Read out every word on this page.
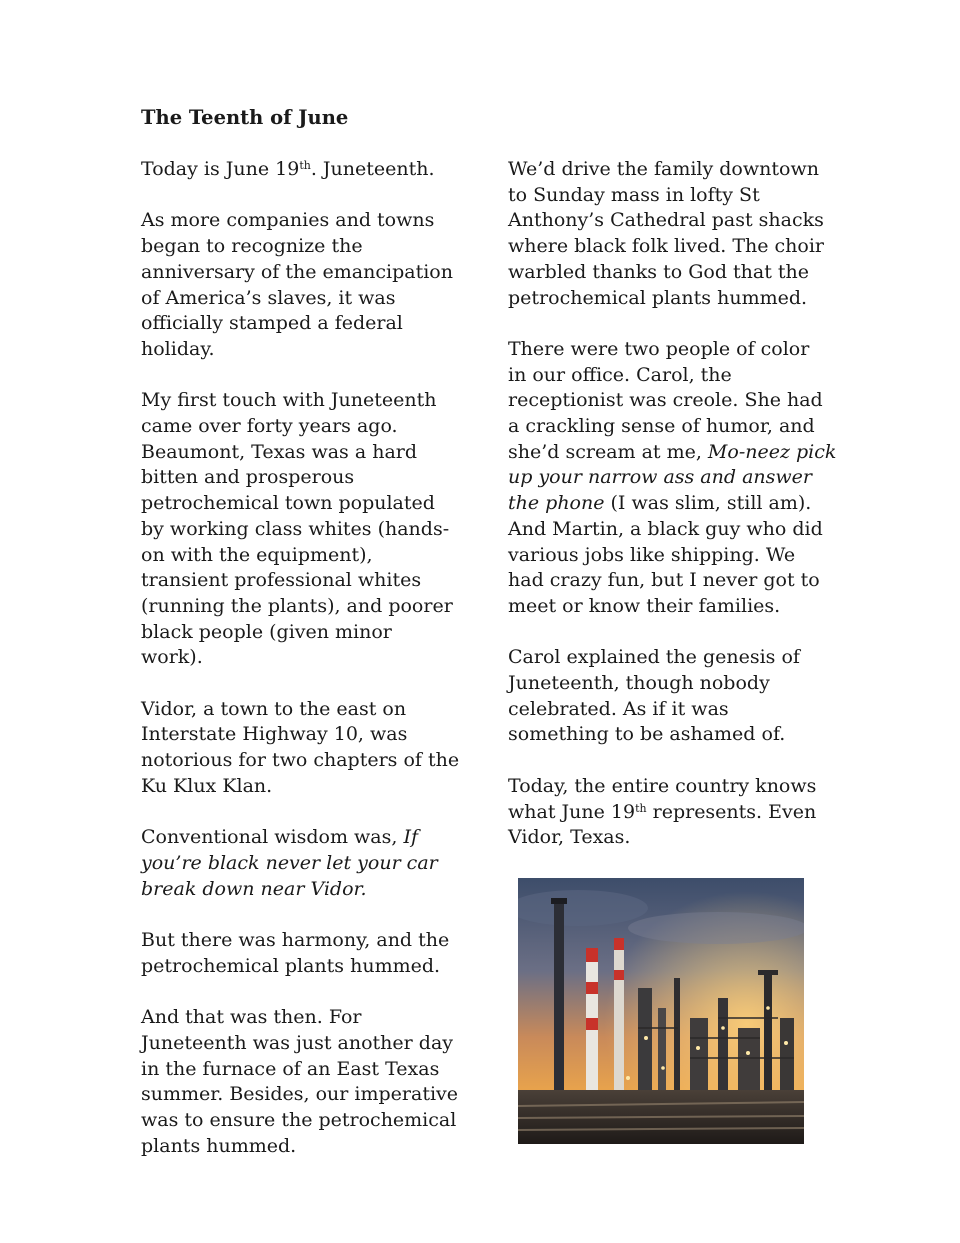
The Teenth of June

Today is June 19th. Juneteenth.

As more companies and towns
began to recognize the
anniversary of the emancipation
of America’s slaves, it was
officially stamped a federal
holiday.

My first touch with Juneteenth
came over forty years ago.
Beaumont, Texas was a hard
bitten and prosperous
petrochemical town populated
by working class whites (hands-
on with the equipment),
transient professional whites
(running the plants), and poorer
black people (given minor
work).

Vidor, a town to the east on
Interstate Highway 10, was
notorious for two chapters of the
Ku Klux Klan.

Conventional wisdom was, If
you’re black never let your car
break down near Vidor.

But there was harmony, and the
petrochemical plants hummed.

And that was then. For
Juneteenth was just another day
in the furnace of an East Texas
summer. Besides, our imperative
was to ensure the petrochemical
plants hummed.

We’d drive the family downtown
to Sunday mass in lofty St
Anthony’s Cathedral past shacks
where black folk lived. The choir
warbled thanks to God that the
petrochemical plants hummed.

There were two people of color
in our office. Carol, the
receptionist was creole. She had
a crackling sense of humor, and
she’d scream at me, Mo-neez pick
up your narrow ass and answer
the phone (I was slim, still am).
And Martin, a black guy who did
various jobs like shipping. We
had crazy fun, but I never got to
meet or know their families.

Carol explained the genesis of
Juneteenth, though nobody
celebrated. As if it was
something to be ashamed of.

Today, the entire country knows
what June 19th represents. Even
Vidor, Texas.
